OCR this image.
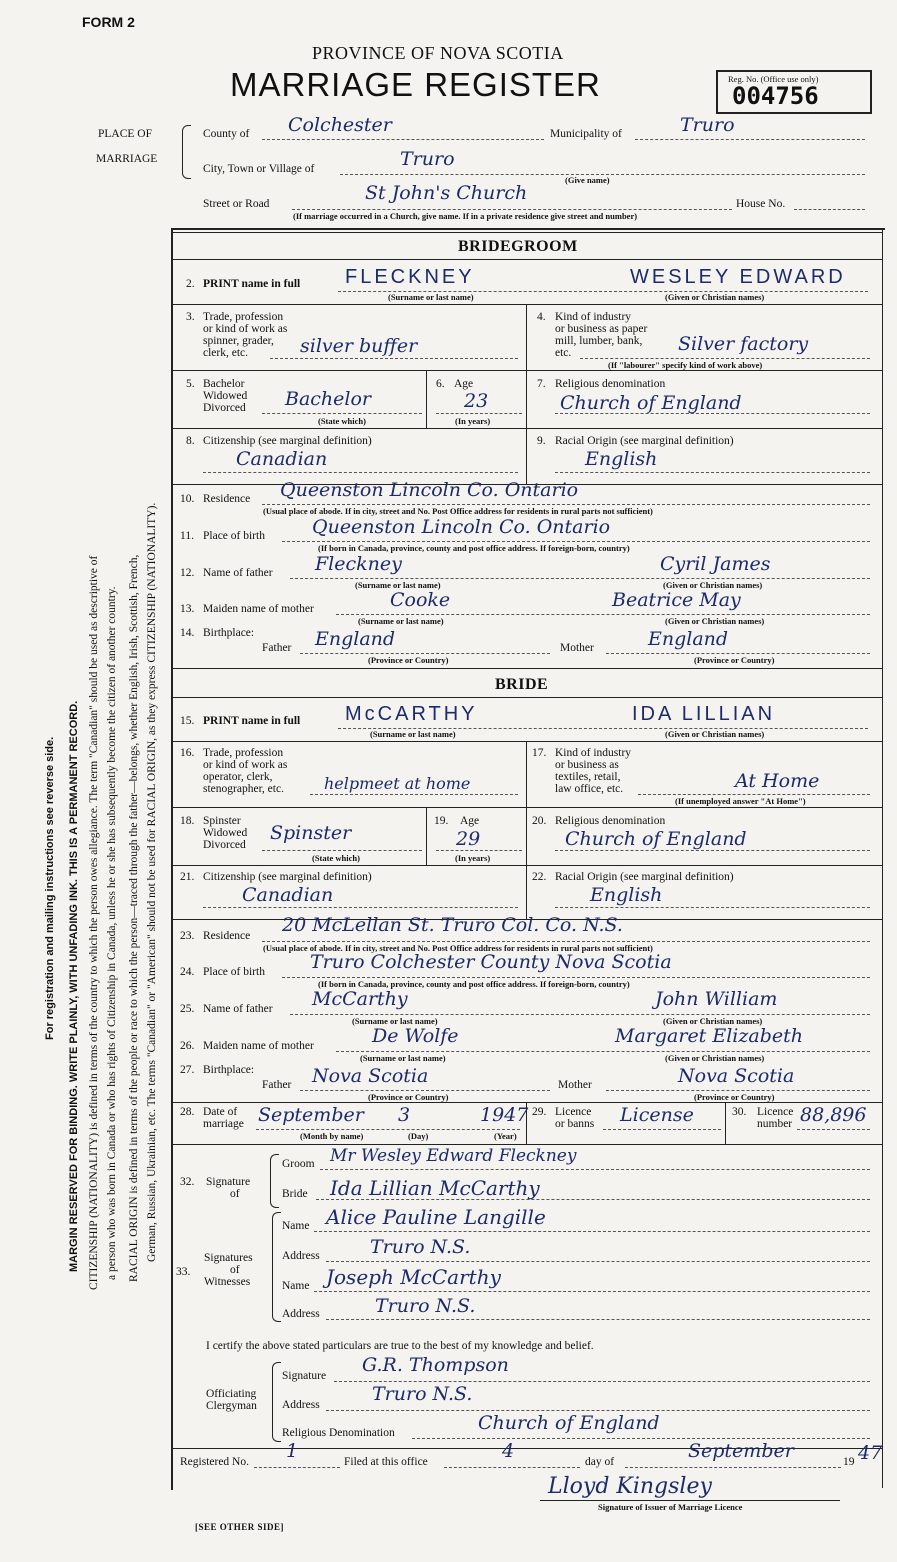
FORM 2
PROVINCE OF NOVA SCOTIA
MARRIAGE REGISTER	Reg. No. (Office use only)
004756
PLACE OF
MARRIAGE
County of Colchester	Municipality of	Truro
City, Town or Village of	Truro
(Give name)
Street or Road	St John's Church	House No.
(If marriage occurred in a Church, give name. If in a private residence give street and number)
For registration and mailing instructions see reverse side. MARGIN RESERVED FOR BINDING. WRITE PLAINLY, WITH UNFADING INK. THIS IS A PERMANENT RECORD. CITIZENSHIP (NATIONALITY) is defined in terms of the country to which the person owes allegiance. The term "Canadian" should be used as descriptive of a person who was born in Canada or who has rights of Citizenship in Canada, unless he or she has subsequently become the citizen of another country. RACIAL ORIGIN is defined in terms of the people or race to which the person—traced through the father—belongs, whether English, Irish, Scottish, French, German, Russian, Ukrainian, etc. The terms "Canadian" or "American" should not be used for RACIAL ORIGIN, as they express CITIZENSHIP (NATIONALITY).
BRIDEGROOM
2. PRINT name in full FLECKNEY	WESLEY EDWARD
(Surname or last name)	(Given or Christian names)
3. Trade, profession
or kind of work as
spinner, grader,
clerk, etc.	silver buffer
4. Kind of industry
or business as paper
mill, lumber, bank,
etc.	Silver factory
(If "labourer" specify kind of work above)
5. Bachelor
Widowed
Divorced Bachelor
(State which)
6. Age
23
(In years)
7. Religious denomination
Church of England
8. Citizenship (see marginal definition)
Canadian
9. Racial Origin (see marginal definition)
English
10. Residence Queenston Lincoln Co. Ontario
(Usual place of abode. If in city, street and No. Post Office address for residents in rural parts not sufficient)
11. Place of birth Queenston Lincoln Co. Ontario
(If born in Canada, province, county and post office address. If foreign-born, country)
12. Name of father Fleckney	Cyril James
(Surname or last name)	(Given or Christian names)
13. Maiden name of mother	Cooke	Beatrice May
(Surname or last name)	(Given or Christian names)
14. Birthplace:
Father England	Mother	England
(Province or Country)	(Province or Country)
BRIDE
15. PRINT name in full McCARTHY	IDA LILLIAN
(Surname or last name)	(Given or Christian names)
16. Trade, profession
or kind of work as
operator, clerk,
stenographer, etc.	helpmeet at home
17. Kind of industry
or business as
textiles, retail,
law office, etc.	At Home
(If unemployed answer "At Home")
18. Spinster
Widowed
Divorced
Spinster
(State which)
19. Age
29
(In years)
20. Religious denomination
Church of England
21. Citizenship (see marginal definition)
Canadian
22. Racial Origin (see marginal definition)
English
23. Residence 20 McLellan St. Truro Col. Co. N.S.
(Usual place of abode. If in city, street and No. Post Office address for residents in rural parts not sufficient)
24. Place of birth Truro Colchester County Nova Scotia
(If born in Canada, province, county and post office address. If foreign-born, country)
25. Name of father McCarthy	John William
(Surname or last name)	(Given or Christian names)
26. Maiden name of mother	De Wolfe	Margaret Elizabeth
(Surname or last name)	(Given or Christian names)
27. Birthplace:
Father Nova Scotia	Mother	Nova Scotia
(Province or Country)	(Province or Country)
28. Date of
marriage September 3	1947
(Month by name)	(Day)	(Year)
29. Licence
or banns License	30. Licence
number 88,896
32. Signature
of
Groom Mr Wesley Edward Fleckney
Bride Ida Lillian McCarthy
33.
Signatures
of
Witnesses
Name Alice Pauline Langille
Address	Truro N.S.
Name Joseph McCarthy
Address	Truro N.S.
I certify the above stated particulars are true to the best of my knowledge and belief.
Officiating
Clergyman
Signature G.R. Thompson
Address	Truro N.S.
Religious Denomination	Church of England
Registered No. 1	Filed at this office	4	day of	September	19 47
Lloyd Kingsley
Signature of Issuer of Marriage Licence
[SEE OTHER SIDE]
